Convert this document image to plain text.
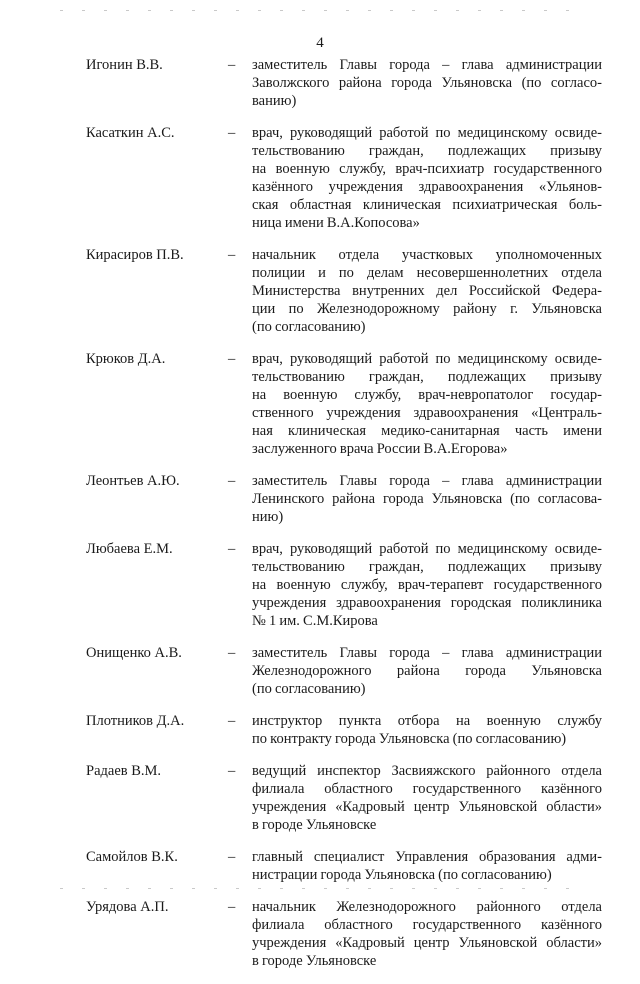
4
Игонин В.В.	– заместитель Главы города – глава администрации
Заволжского района города Ульяновска (по согласо-
ванию)
Касаткин А.С.	– врач, руководящий работой по медицинскому освиде-
тельствованию граждан, подлежащих призыву
на военную службу, врач-психиатр государственного
казённого учреждения здравоохранения «Ульянов-
ская областная клиническая психиатрическая боль-
ница имени В.А.Копосова»
Кирасиров П.В.	– начальник отдела участковых уполномоченных
полиции и по делам несовершеннолетних отдела
Министерства внутренних дел Российской Федера-
ции по Железнодорожному району г. Ульяновска
(по согласованию)
Крюков Д.А.	– врач, руководящий работой по медицинскому освиде-
тельствованию граждан, подлежащих призыву
на военную службу, врач-невропатолог государ-
ственного учреждения здравоохранения «Централь-
ная клиническая медико-санитарная часть имени
заслуженного врача России В.А.Егорова»
Леонтьев А.Ю.	– заместитель Главы города – глава администрации
Ленинского района города Ульяновска (по согласова-
нию)
Любаева Е.М.	– врач, руководящий работой по медицинскому освиде-
тельствованию граждан, подлежащих призыву
на военную службу, врач-терапевт государственного
учреждения здравоохранения городская поликлиника
№ 1 им. С.М.Кирова
Онищенко А.В.	– заместитель Главы города – глава администрации
Железнодорожного района города Ульяновска
(по согласованию)
Плотников Д.А.	– инструктор пункта отбора на военную службу
по контракту города Ульяновска (по согласованию)
Радаев В.М.	– ведущий инспектор Засвияжского районного отдела
филиала областного государственного казённого
учреждения «Кадровый центр Ульяновской области»
в городе Ульяновске
Самойлов В.К.	– главный специалист Управления образования адми-
нистрации города Ульяновска (по согласованию)
Урядова А.П.	– начальник Железнодорожного районного отдела
филиала областного государственного казённого
учреждения «Кадровый центр Ульяновской области»
в городе Ульяновске
